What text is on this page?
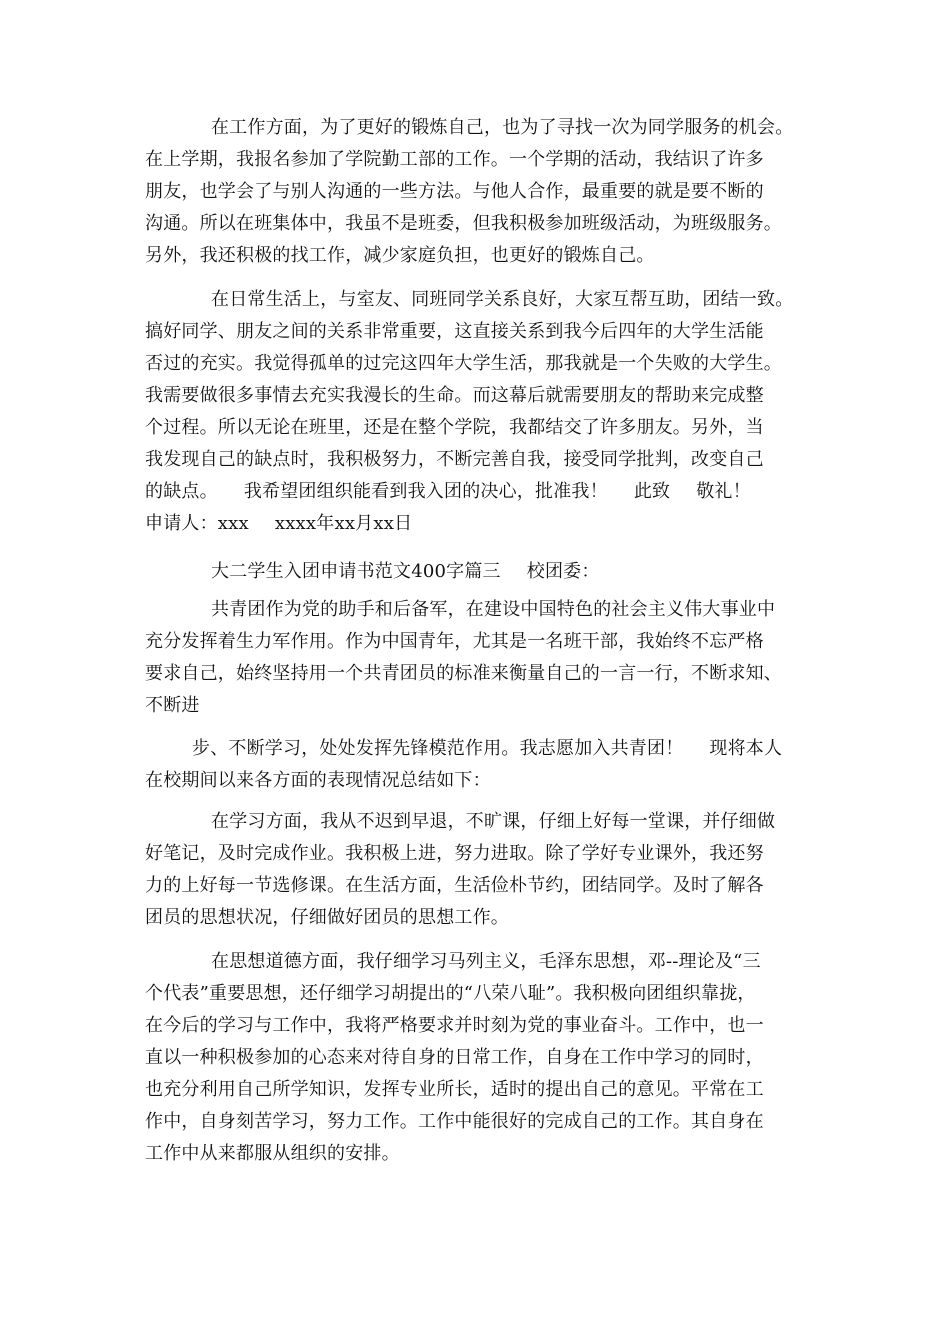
在工作方面，为了更好的锻炼自己，也为了寻找一次为同学服务的机会。
在上学期，我报名参加了学院勤工部的工作。一个学期的活动，我结识了许多
朋友，也学会了与别人沟通的一些方法。与他人合作，最重要的就是要不断的
沟通。所以在班集体中，我虽不是班委，但我积极参加班级活动，为班级服务。
另外，我还积极的找工作，减少家庭负担，也更好的锻炼自己。
在日常生活上，与室友、同班同学关系良好，大家互帮互助，团结一致。
搞好同学、朋友之间的关系非常重要，这直接关系到我今后四年的大学生活能
否过的充实。我觉得孤单的过完这四年大学生活，那我就是一个失败的大学生。
我需要做很多事情去充实我漫长的生命。而这幕后就需要朋友的帮助来完成整
个过程。所以无论在班里，还是在整个学院，我都结交了许多朋友。另外，当
我发现自己的缺点时，我积极努力，不断完善自我，接受同学批判，改变自己
的缺点。 我希望团组织能看到我入团的决心，批准我！ 此致 敬礼！
申请人：xxx xxxx年xx月xx日
大二学生入团申请书范文400字篇三 校团委：
共青团作为党的助手和后备军，在建设中国特色的社会主义伟大事业中
充分发挥着生力军作用。作为中国青年，尤其是一名班干部，我始终不忘严格
要求自己，始终坚持用一个共青团员的标准来衡量自己的一言一行，不断求知、
不断进
步、不断学习，处处发挥先锋模范作用。我志愿加入共青团！ 现将本人
在校期间以来各方面的表现情况总结如下：
在学习方面，我从不迟到早退，不旷课，仔细上好每一堂课，并仔细做
好笔记，及时完成作业。我积极上进，努力进取。除了学好专业课外，我还努
力的上好每一节选修课。在生活方面，生活俭朴节约，团结同学。及时了解各
团员的思想状况，仔细做好团员的思想工作。
在思想道德方面，我仔细学习马列主义，毛泽东思想，邓--理论及“三
个代表”重要思想，还仔细学习胡提出的“八荣八耻”。我积极向团组织靠拢，
在今后的学习与工作中，我将严格要求并时刻为党的事业奋斗。工作中，也一
直以一种积极参加的心态来对待自身的日常工作，自身在工作中学习的同时，
也充分利用自己所学知识，发挥专业所长，适时的提出自己的意见。平常在工
作中，自身刻苦学习，努力工作。工作中能很好的完成自己的工作。其自身在
工作中从来都服从组织的安排。
